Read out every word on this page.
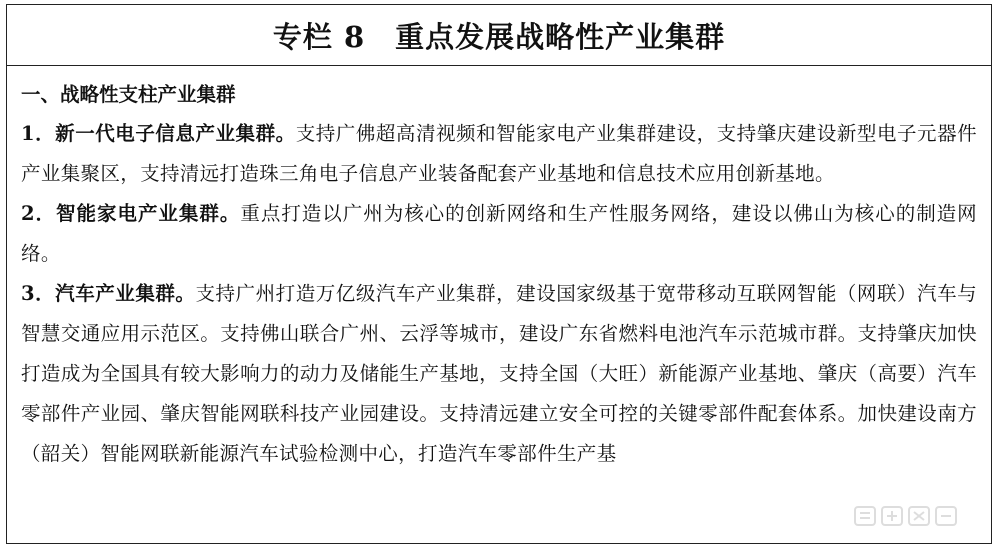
专栏 8 重点发展战略性产业集群

一、战略性支柱产业集群

1．新一代电子信息产业集群。支持广佛超高清视频和智能家电产业集群建设，支持肇庆建设新型电子元器件产业集聚区，支持清远打造珠三角电子信息产业装备配套产业基地和信息技术应用创新基地。

2．智能家电产业集群。重点打造以广州为核心的创新网络和生产性服务网络，建设以佛山为核心的制造网络。

3．汽车产业集群。支持广州打造万亿级汽车产业集群，建设国家级基于宽带移动互联网智能（网联）汽车与智慧交通应用示范区。支持佛山联合广州、云浮等城市，建设广东省燃料电池汽车示范城市群。支持肇庆加快打造成为全国具有较大影响力的动力及储能生产基地，支持全国（大旺）新能源产业基地、肇庆（高要）汽车零部件产业园、肇庆智能网联科技产业园建设。支持清远建立安全可控的关键零部件配套体系。加快建设南方（韶关）智能网联新能源汽车试验检测中心，打造汽车零部件生产基
